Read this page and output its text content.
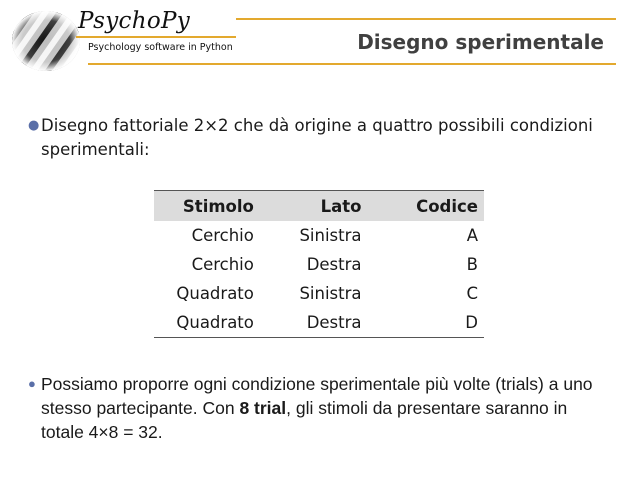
PsychoPy
Psychology software in Python	Disegno sperimentale
● Disegno fattoriale 2×2 che dà origine a quattro possibili condizioni sperimentali:
Stimolo	Lato	Codice
Cerchio	Sinistra	A
Cerchio	Destra	B
Quadrato	Sinistra	C
Quadrato	Destra	D
● Possiamo proporre ogni condizione sperimentale più volte (trials) a uno stesso partecipante. Con 8 trial, gli stimoli da presentare saranno in totale 4×8 = 32.
